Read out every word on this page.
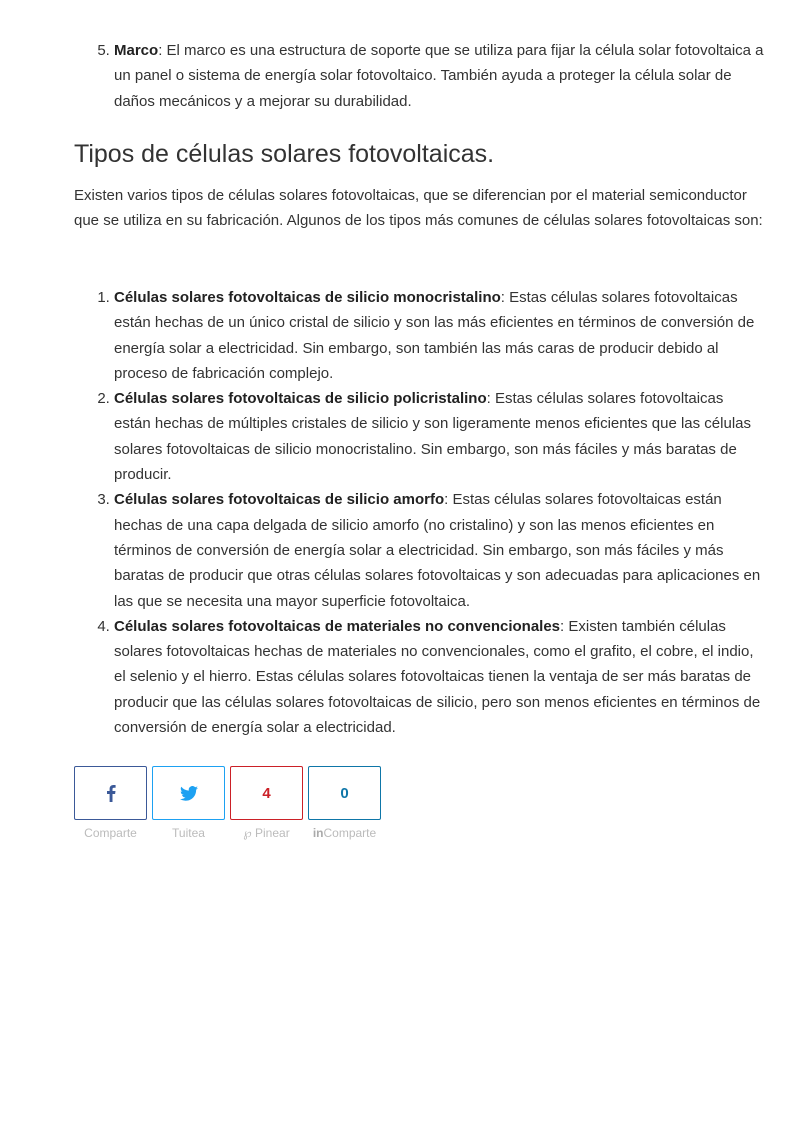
5. Marco: El marco es una estructura de soporte que se utiliza para fijar la célula solar fotovoltaica a un panel o sistema de energía solar fotovoltaico. También ayuda a proteger la célula solar de daños mecánicos y a mejorar su durabilidad.
Tipos de células solares fotovoltaicas.

Existen varios tipos de células solares fotovoltaicas, que se diferencian por el material semiconductor que se utiliza en su fabricación. Algunos de los tipos más comunes de células solares fotovoltaicas son:

1. Células solares fotovoltaicas de silicio monocristalino: Estas células solares fotovoltaicas están hechas de un único cristal de silicio y son las más eficientes en términos de conversión de energía solar a electricidad. Sin embargo, son también las más caras de producir debido al proceso de fabricación complejo.
2. Células solares fotovoltaicas de silicio policristalino: Estas células solares fotovoltaicas están hechas de múltiples cristales de silicio y son ligeramente menos eficientes que las células solares fotovoltaicas de silicio monocristalino. Sin embargo, son más fáciles y más baratas de producir.
3. Células solares fotovoltaicas de silicio amorfo: Estas células solares fotovoltaicas están hechas de una capa delgada de silicio amorfo (no cristalino) y son las menos eficientes en términos de conversión de energía solar a electricidad. Sin embargo, son más fáciles y más baratas de producir que otras células solares fotovoltaicas y son adecuadas para aplicaciones en las que se necesita una mayor superficie fotovoltaica.
4. Células solares fotovoltaicas de materiales no convencionales: Existen también células solares fotovoltaicas hechas de materiales no convencionales, como el grafito, el cobre, el indio, el selenio y el hierro. Estas células solares fotovoltaicas tienen la ventaja de ser más baratas de producir que las células solares fotovoltaicas de silicio, pero son menos eficientes en términos de conversión de energía solar a electricidad.
Comparte	Tuitea
4
℘ Pinear
0
inComparte
